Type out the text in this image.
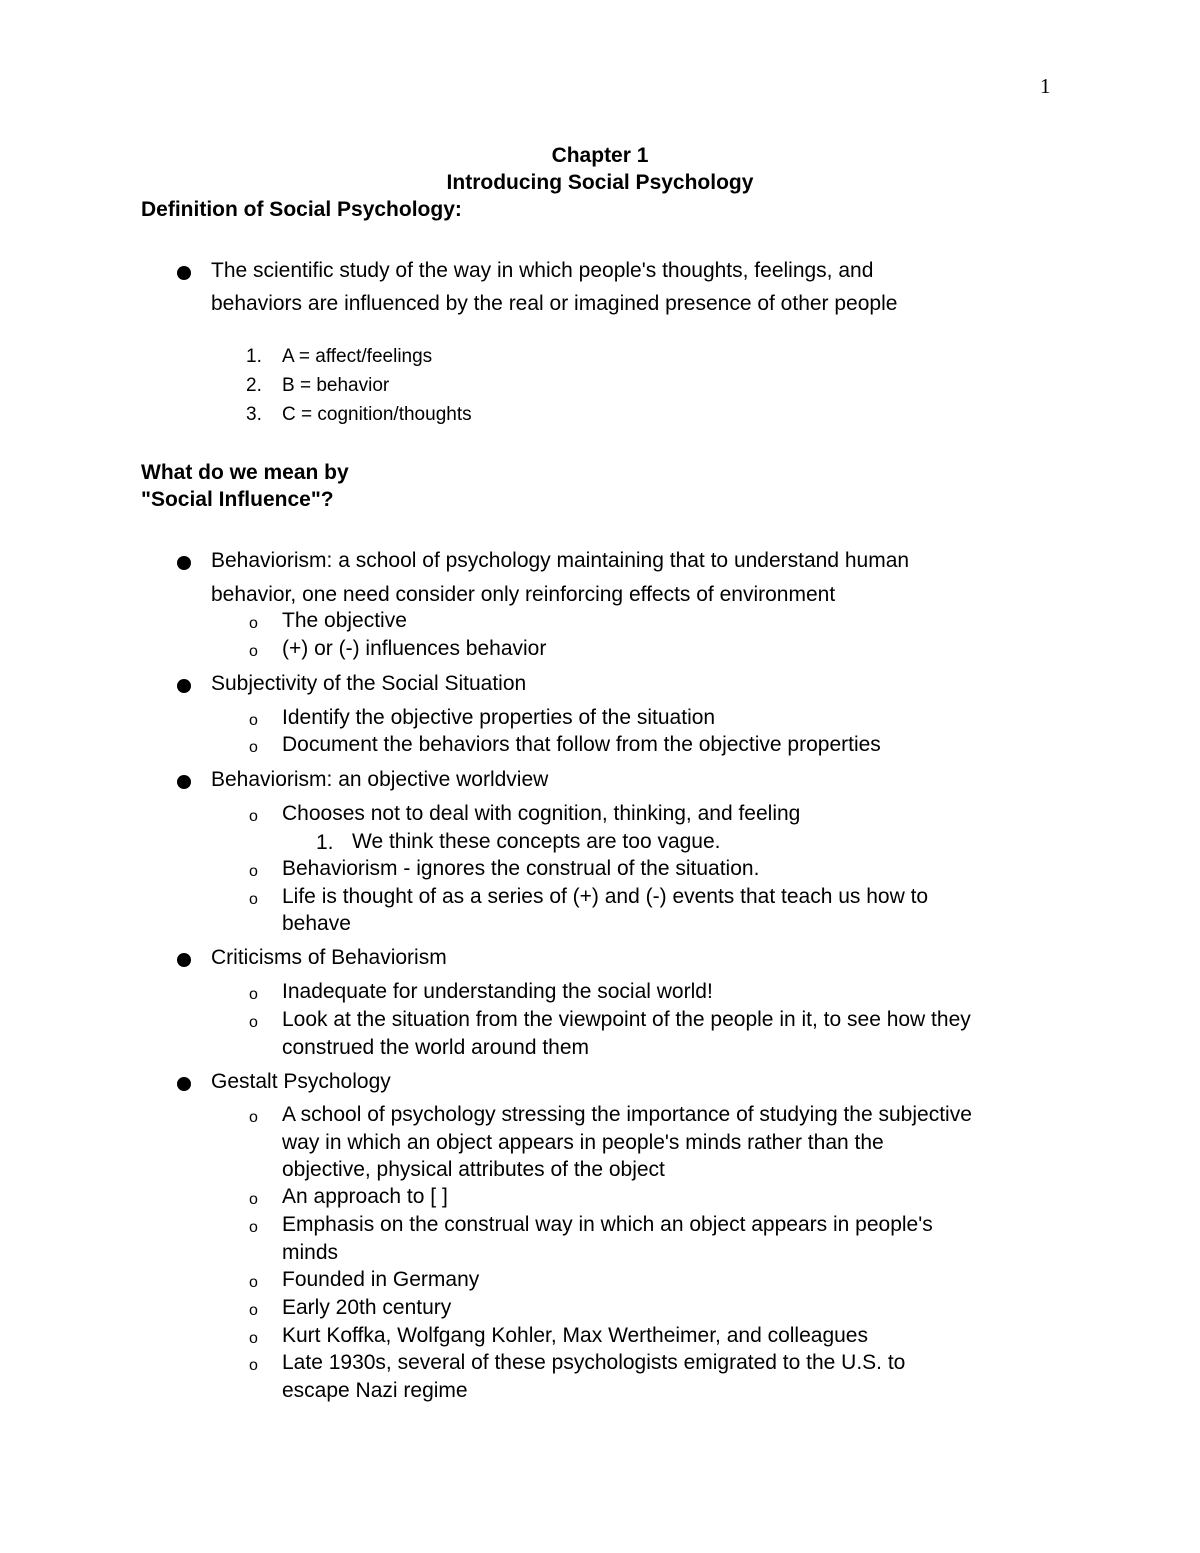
1
Chapter 1
Introducing Social Psychology
Definition of Social Psychology:
The scientific study of the way in which people's thoughts, feelings, and
behaviors are influenced by the real or imagined presence of other people
1. A = affect/feelings
2. B = behavior
3. C = cognition/thoughts
What do we mean by
"Social Influence"?
Behaviorism: a school of psychology maintaining that to understand human
behavior, one need consider only reinforcing effects of environment
o The objective
o (+) or (-) influences behavior
Subjectivity of the Social Situation
o Identify the objective properties of the situation
o Document the behaviors that follow from the objective properties
Behaviorism: an objective worldview
o Chooses not to deal with cognition, thinking, and feeling
1. We think these concepts are too vague.
o Behaviorism - ignores the construal of the situation.
o Life is thought of as a series of (+) and (-) events that teach us how to
behave
Criticisms of Behaviorism
o Inadequate for understanding the social world!
o Look at the situation from the viewpoint of the people in it, to see how they
construed the world around them
Gestalt Psychology
o A school of psychology stressing the importance of studying the subjective
way in which an object appears in people's minds rather than the
objective, physical attributes of the object
o An approach to [ ]
o Emphasis on the construal way in which an object appears in people's
minds
o Founded in Germany
o Early 20th century
o Kurt Koffka, Wolfgang Kohler, Max Wertheimer, and colleagues
o Late 1930s, several of these psychologists emigrated to the U.S. to
escape Nazi regime
